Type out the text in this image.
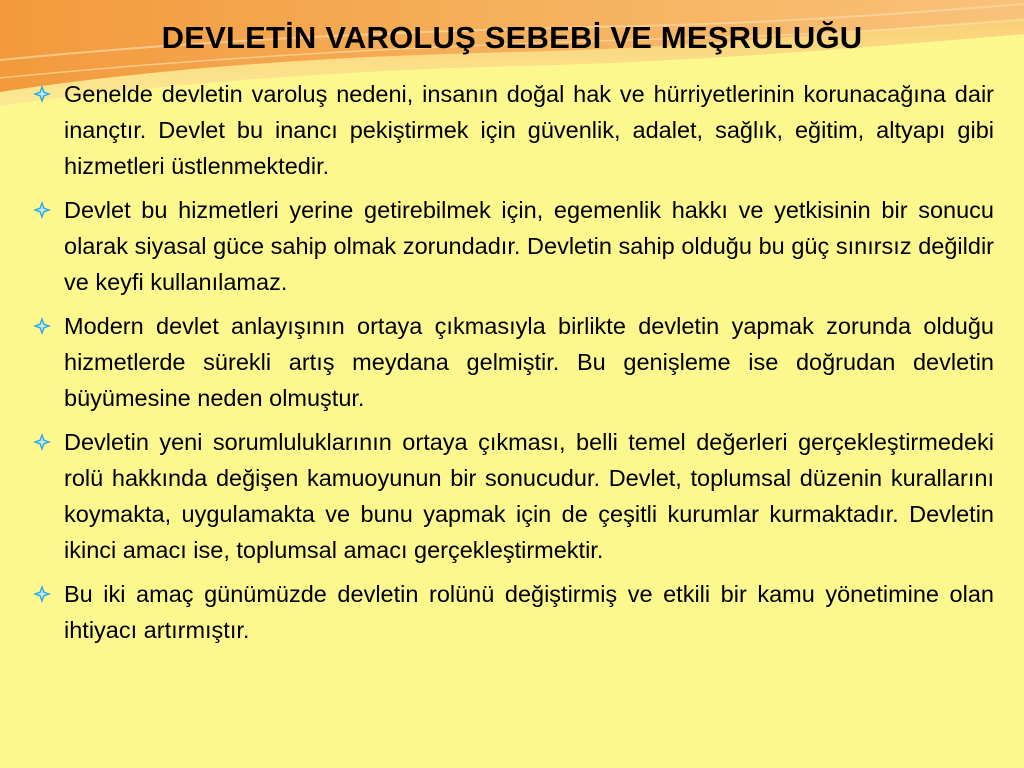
DEVLETİN VAROLUŞ SEBEBİ VE MEŞRULUĞU
Genelde devletin varoluş nedeni, insanın doğal hak ve hürriyetlerinin korunacağına dair inançtır. Devlet bu inancı pekiştirmek için güvenlik, adalet, sağlık, eğitim, altyapı gibi hizmetleri üstlenmektedir.
Devlet bu hizmetleri yerine getirebilmek için, egemenlik hakkı ve yetkisinin bir sonucu olarak siyasal güce sahip olmak zorundadır. Devletin sahip olduğu bu güç sınırsız değildir ve keyfi kullanılamaz.
Modern devlet anlayışının ortaya çıkmasıyla birlikte devletin yapmak zorunda olduğu hizmetlerde sürekli artış meydana gelmiştir. Bu genişleme ise doğrudan devletin büyümesine neden olmuştur.
Devletin yeni sorumluluklarının ortaya çıkması, belli temel değerleri gerçekleştirmedeki rolü hakkında değişen kamuoyunun bir sonucudur. Devlet, toplumsal düzenin kurallarını koymakta, uygulamakta ve bunu yapmak için de çeşitli kurumlar kurmaktadır. Devletin ikinci amacı ise, toplumsal amacı gerçekleştirmektir.
Bu iki amaç günümüzde devletin rolünü değiştirmiş ve etkili bir kamu yönetimine olan ihtiyacı artırmıştır.
